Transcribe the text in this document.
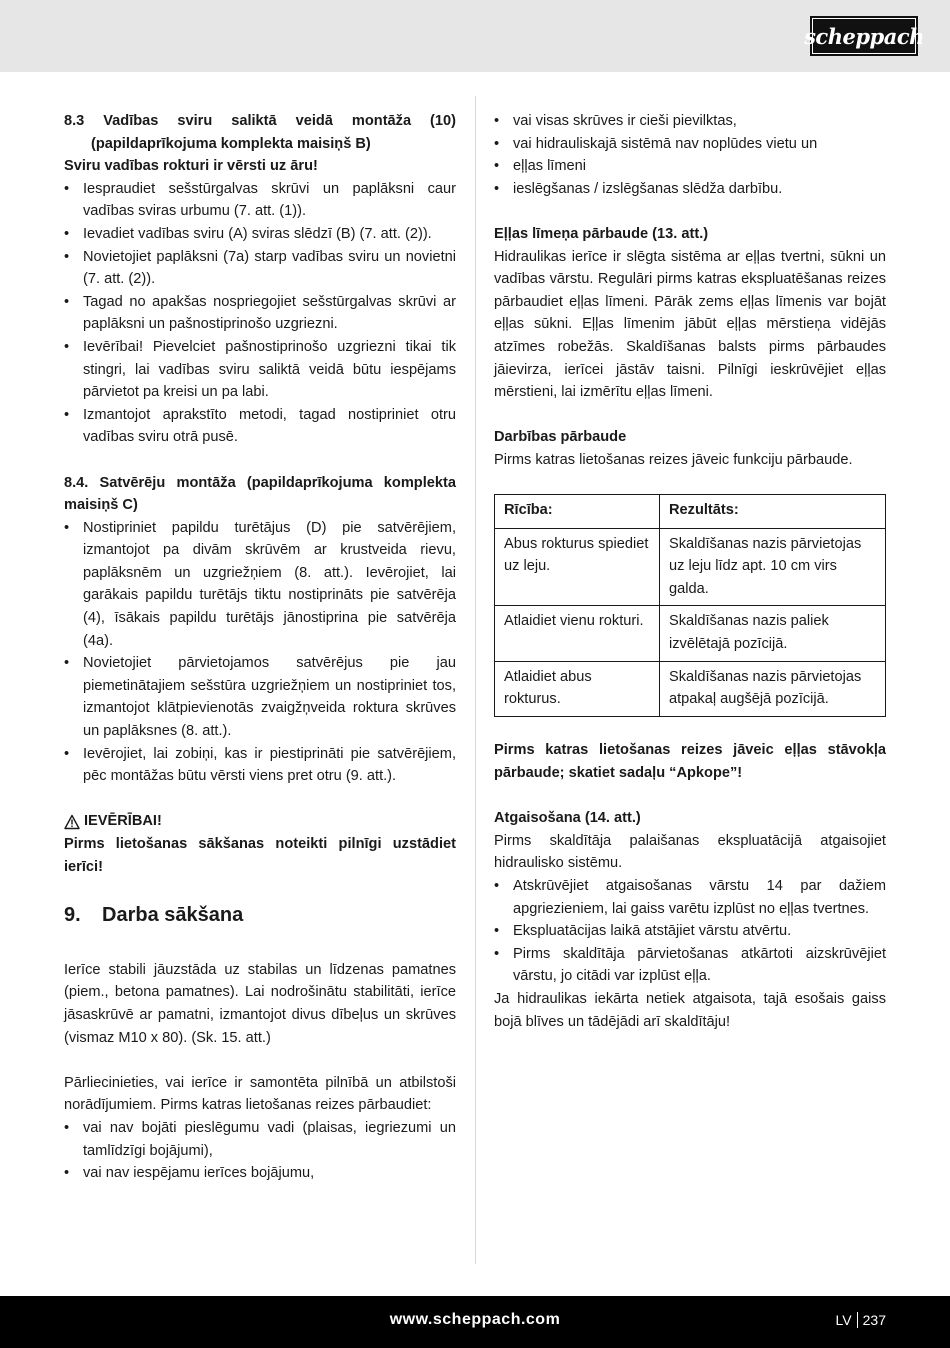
scheppach

8.3 Vadības sviru saliktā veidā montāža (10) (papildaprīkojuma komplekta maisiņš B)

Sviru vadības rokturi ir vērsti uz āru!

• Iespraudiet sešstūrgalvas skrūvi un paplāksni caur vadības sviras urbumu (7. att. (1)).
• Ievadiet vadības sviru (A) sviras slēdzī (B) (7. att. (2)).
• Novietojiet paplāksni (7a) starp vadības sviru un novietni (7. att. (2)).
• Tagad no apakšas nospriegojiet sešstūrgalvas skrūvi ar paplāksni un pašnostiprinošo uzgriezni.
• Ievērībai! Pievelciet pašnostiprinošo uzgriezni tikai tik stingri, lai vadības sviru saliktā veidā būtu iespējams pārvietot pa kreisi un pa labi.
• Izmantojot aprakstīto metodi, tagad nostipriniet otru vadības sviru otrā pusē.

8.4. Satvērēju montāža (papildaprīkojuma komplekta maisiņš C)

• Nostipriniet papildu turētājus (D) pie satvērējiem, izmantojot pa divām skrūvēm ar krustveida rievu, paplāksnēm un uzgriežņiem (8. att.). Ievērojiet, lai garākais papildu turētājs tiktu nostiprināts pie satvērēja (4), īsākais papildu turētājs jānostiprina pie satvērēja (4a).
• Novietojiet pārvietojamos satvērējus pie jau piemetinātajiem sešstūra uzgriežņiem un nostipriniet tos, izmantojot klātpievienotās zvaigžņveida roktura skrūves un paplāksnes (8. att.).
• Ievērojiet, lai zobiņi, kas ir piestiprināti pie satvērējiem, pēc montāžas būtu vērsti viens pret otru (9. att.).

IEVĒRĪBAI!

Pirms lietošanas sākšanas noteikti pilnīgi uzstādiet ierīci!

9.	Darba sākšana

Ierīce stabili jāuzstāda uz stabilas un līdzenas pamatnes (piem., betona pamatnes). Lai nodrošinātu stabilitāti, ierīce jāsaskrūvē ar pamatni, izmantojot divus dībeļus un skrūves (vismaz M10 x 80). (Sk. 15. att.)

Pārliecinieties, vai ierīce ir samontēta pilnībā un atbilstoši norādījumiem. Pirms katras lietošanas reizes pārbaudiet:

• vai nav bojāti pieslēgumu vadi (plaisas, iegriezumi un tamlīdzīgi bojājumi),
• vai nav iespējamu ierīces bojājumu,
• vai visas skrūves ir cieši pievilktas,
• vai hidrauliskajā sistēmā nav noplūdes vietu un
• eļļas līmeni
• ieslēgšanas / izslēgšanas slēdža darbību.

Eļļas līmeņa pārbaude (13. att.)

Hidraulikas ierīce ir slēgta sistēma ar eļļas tvertni, sūkni un vadības vārstu. Regulāri pirms katras ekspluatēšanas reizes pārbaudiet eļļas līmeni. Pārāk zems eļļas līmenis var bojāt eļļas sūkni. Eļļas līmenim jābūt eļļas mērstieņa vidējās atzīmes robežās. Skaldīšanas balsts pirms pārbaudes jāievirza, ierīcei jāstāv taisni. Pilnīgi ieskrūvējiet eļļas mērstieni, lai izmērītu eļļas līmeni.

Darbības pārbaude

Pirms katras lietošanas reizes jāveic funkciju pārbaude.

Rīcība:	Rezultāts:
Abus rokturus spiediet uz leju.	Skaldīšanas nazis pārvietojas uz leju līdz apt. 10 cm virs galda.
Atlaidiet vienu rokturi.	Skaldīšanas nazis paliek izvēlētajā pozīcijā.
Atlaidiet abus rokturus.	Skaldīšanas nazis pārvietojas atpakaļ augšējā pozīcijā.

Pirms katras lietošanas reizes jāveic eļļas stāvokļa pārbaude; skatiet sadaļu “Apkope”!

Atgaisošana (14. att.)

Pirms skaldītāja palaišanas ekspluatācijā atgaisojiet hidraulisko sistēmu.

• Atskrūvējiet atgaisošanas vārstu 14 par dažiem apgriezieniem, lai gaiss varētu izplūst no eļļas tvertnes.
• Ekspluatācijas laikā atstājiet vārstu atvērtu.
• Pirms skaldītāja pārvietošanas atkārtoti aizskrūvējiet vārstu, jo citādi var izplūst eļļa.

Ja hidraulikas iekārta netiek atgaisota, tajā esošais gaiss bojā blīves un tādējādi arī skaldītāju!

www.scheppach.com	LV 237
